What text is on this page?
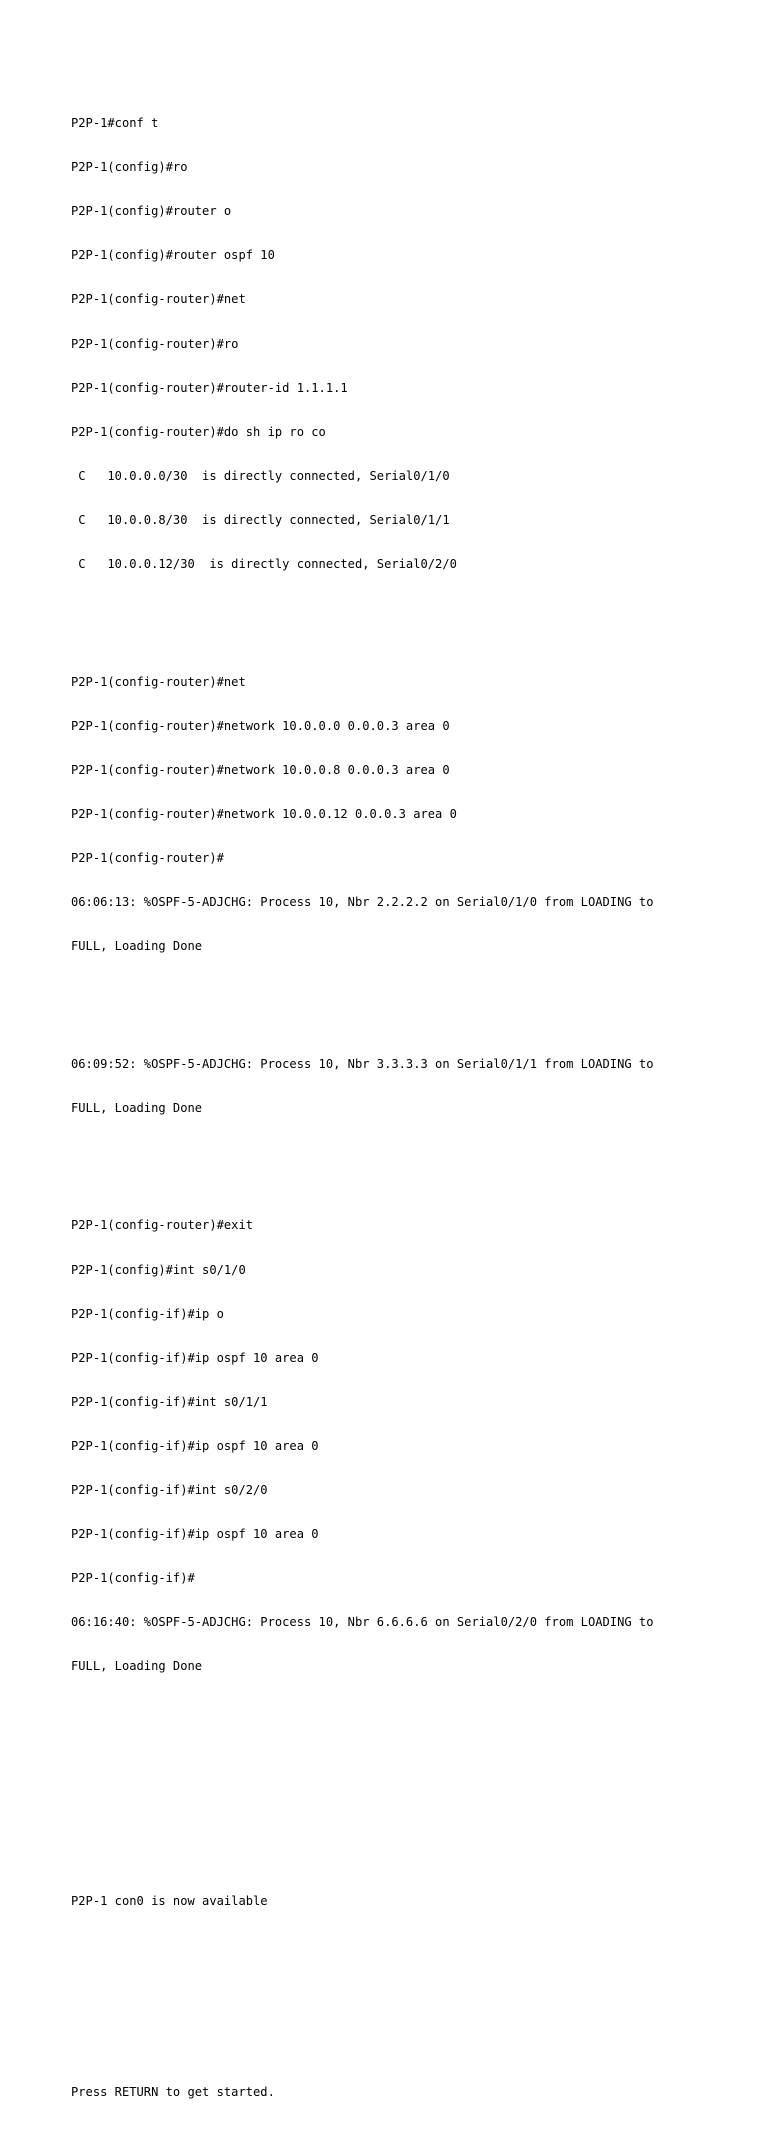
P2P-1#conf t

P2P-1(config)#ro

P2P-1(config)#router o

P2P-1(config)#router ospf 10

P2P-1(config-router)#net

P2P-1(config-router)#ro

P2P-1(config-router)#router-id 1.1.1.1

P2P-1(config-router)#do sh ip ro co

C   10.0.0.0/30  is directly connected, Serial0/1/0

C   10.0.0.8/30  is directly connected, Serial0/1/1

C   10.0.0.12/30  is directly connected, Serial0/2/0

P2P-1(config-router)#net

P2P-1(config-router)#network 10.0.0.0 0.0.0.3 area 0

P2P-1(config-router)#network 10.0.0.8 0.0.0.3 area 0

P2P-1(config-router)#network 10.0.0.12 0.0.0.3 area 0

P2P-1(config-router)#

06:06:13: %OSPF-5-ADJCHG: Process 10, Nbr 2.2.2.2 on Serial0/1/0 from LOADING to

FULL, Loading Done

06:09:52: %OSPF-5-ADJCHG: Process 10, Nbr 3.3.3.3 on Serial0/1/1 from LOADING to

FULL, Loading Done

P2P-1(config-router)#exit

P2P-1(config)#int s0/1/0

P2P-1(config-if)#ip o

P2P-1(config-if)#ip ospf 10 area 0

P2P-1(config-if)#int s0/1/1

P2P-1(config-if)#ip ospf 10 area 0

P2P-1(config-if)#int s0/2/0

P2P-1(config-if)#ip ospf 10 area 0

P2P-1(config-if)#

06:16:40: %OSPF-5-ADJCHG: Process 10, Nbr 6.6.6.6 on Serial0/2/0 from LOADING to

FULL, Loading Done

P2P-1 con0 is now available

Press RETURN to get started.
